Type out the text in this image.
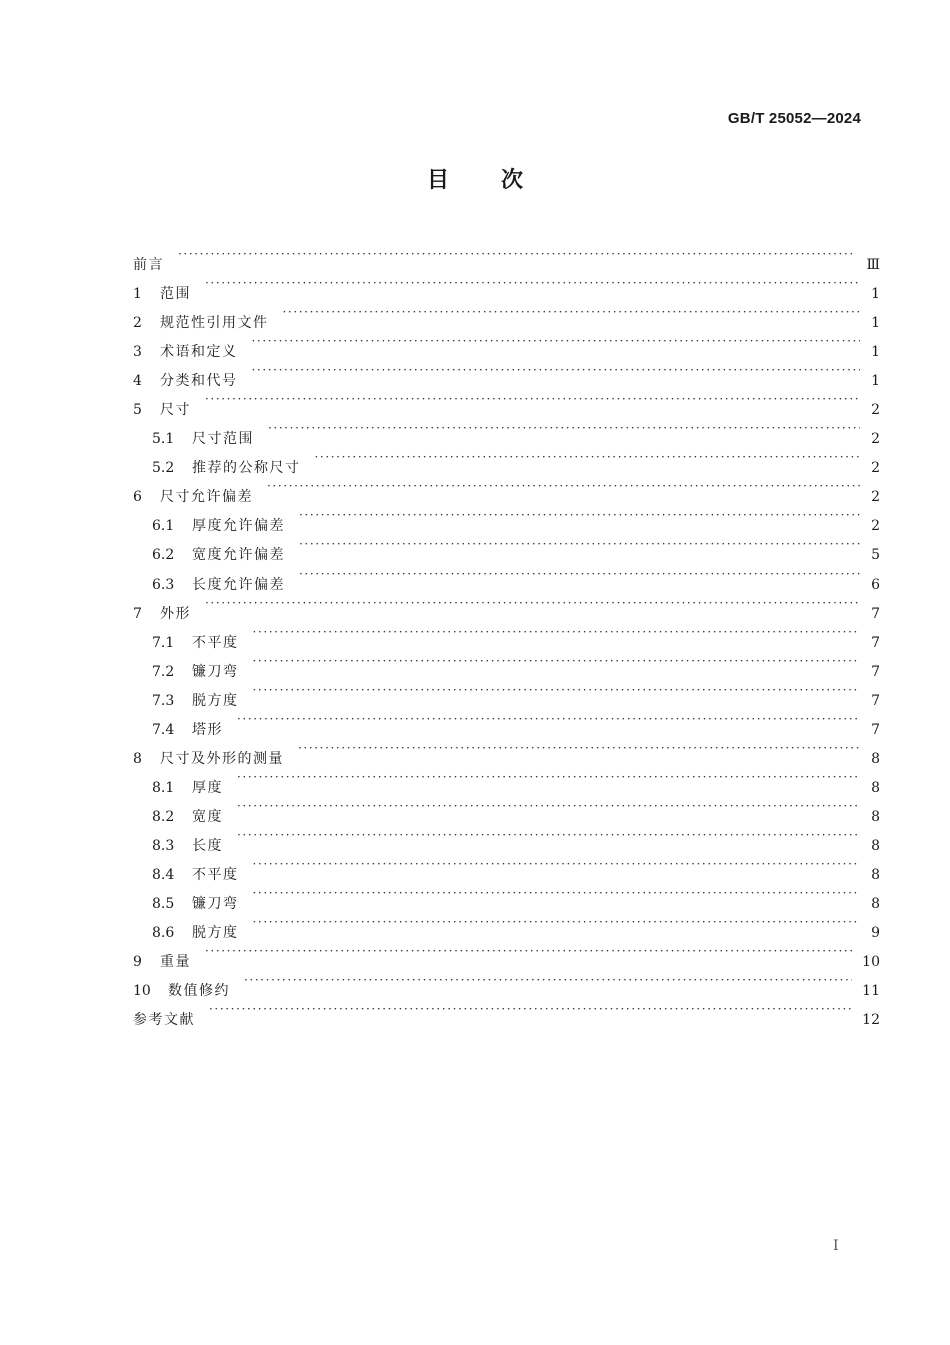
GB/T 25052—2024
目次
前言 ·····	Ⅲ
1	范围 ·····	1
2	规范性引用文件 ·····	1
3	术语和定义 ·····	1
4	分类和代号 ·····	1
5	尺寸 ·····	2
5.1	尺寸范围 ·····	2
5.2	推荐的公称尺寸 ·····	2
6	尺寸允许偏差 ·····	2
6.1	厚度允许偏差 ·····	2
6.2	宽度允许偏差 ·····	5
6.3	长度允许偏差 ·····	6
7	外形 ·····	7
7.1	不平度 ·····	7
7.2	镰刀弯 ·····	7
7.3	脱方度 ·····	7
7.4	塔形 ·····	7
8	尺寸及外形的测量 ·····	8
8.1	厚度 ·····	8
8.2	宽度 ·····	8
8.3	长度 ·····	8
8.4	不平度 ·····	8
8.5	镰刀弯 ·····	8
8.6	脱方度 ·····	9
9	重量 ·····	10
10	数值修约 ·····	11
参考文献 ·····	12
Ⅰ
